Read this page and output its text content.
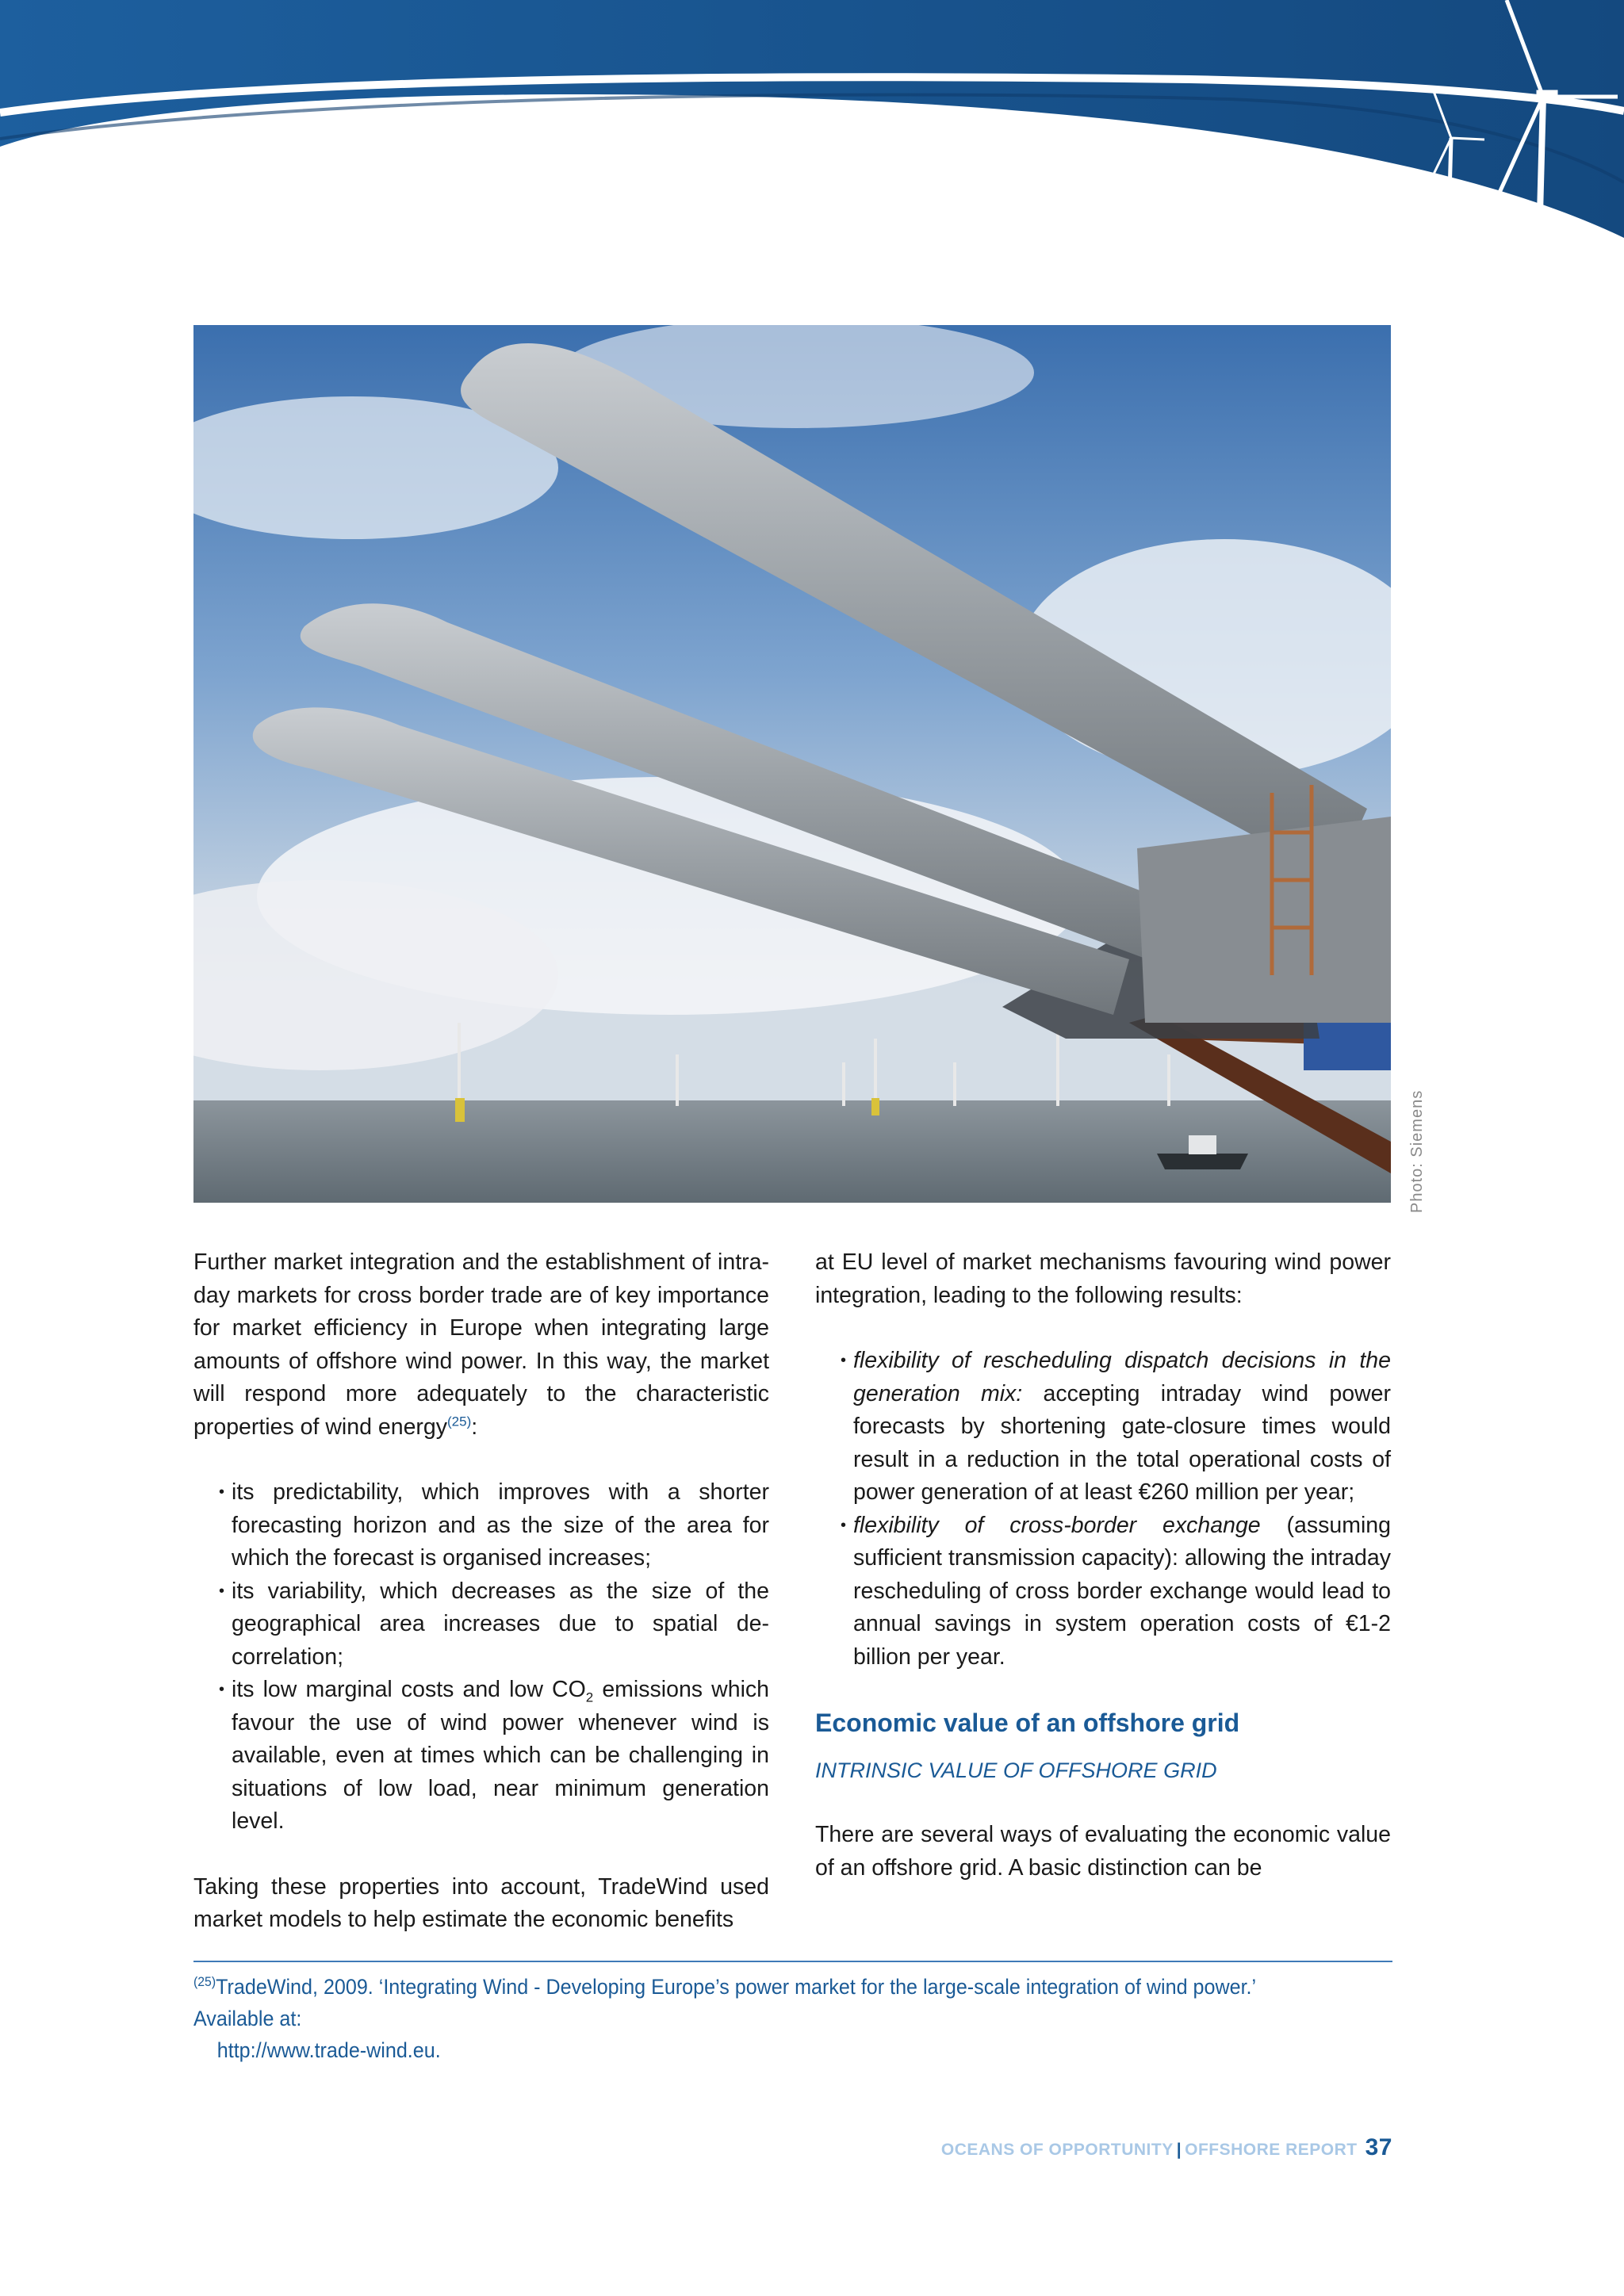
Photo: Siemens

Further market integration and the establishment of intra-day markets for cross border trade are of key importance for market efficiency in Europe when integrating large amounts of offshore wind power. In this way, the market will respond more adequately to the characteristic properties of wind energy$^{(25)}$:

• its predictability, which improves with a shorter forecasting horizon and as the size of the area for which the forecast is organised increases;
• its variability, which decreases as the size of the geographical area increases due to spatial de-correlation;
• its low marginal costs and low $CO_2$ emissions which favour the use of wind power whenever wind is available, even at times which can be challenging in situations of low load, near minimum generation level.

Taking these properties into account, TradeWind used market models to help estimate the economic benefits

at EU level of market mechanisms favouring wind power integration, leading to the following results:

• flexibility of rescheduling dispatch decisions in the generation mix: accepting intraday wind power forecasts by shortening gate-closure times would result in a reduction in the total operational costs of power generation of at least €260 million per year;
• flexibility of cross-border exchange (assuming sufficient transmission capacity): allowing the intraday rescheduling of cross border exchange would lead to annual savings in system operation costs of €1-2 billion per year.
Economic value of an offshore grid
INTRINSIC VALUE OF OFFSHORE GRID

There are several ways of evaluating the economic value of an offshore grid. A basic distinction can be

$^{(25)}$TradeWind, 2009. ‘Integrating Wind - Developing Europe’s power market for the large-scale integration of wind power.’ Available at:
http://www.trade-wind.eu.
OCEANS OF OPPORTUNITY | OFFSHORE REPORT 37
